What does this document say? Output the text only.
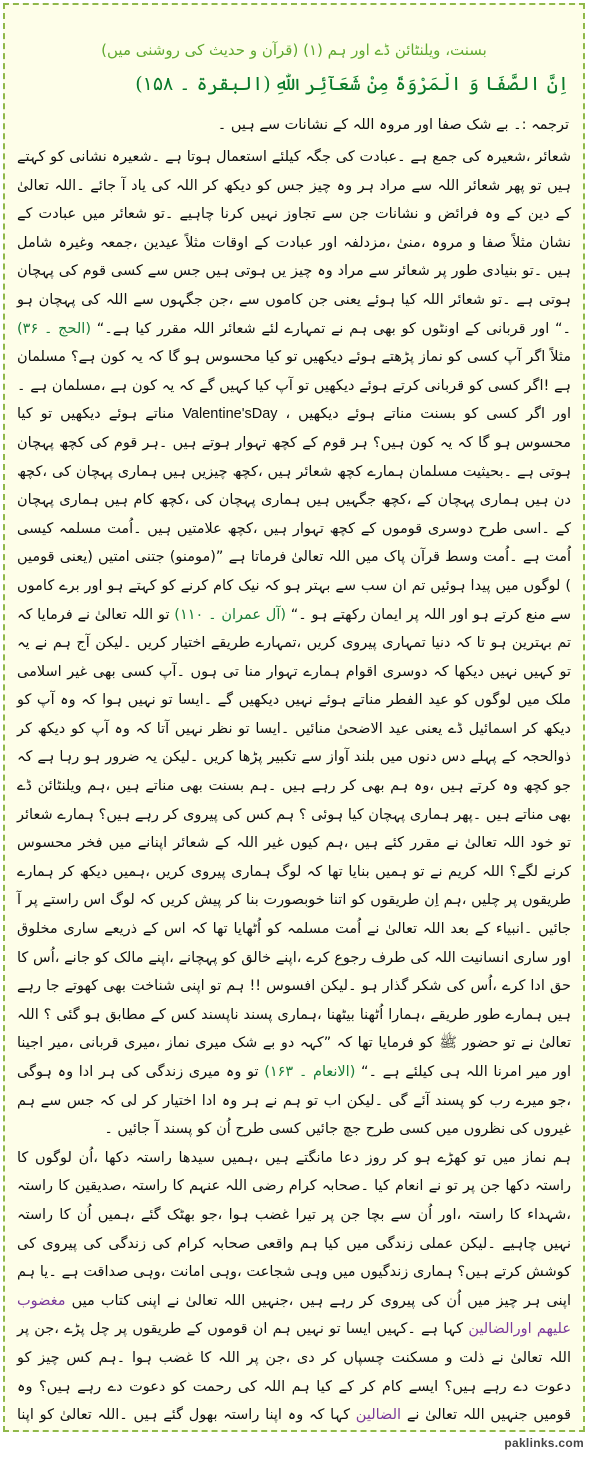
بسنت، ویلنٹائن ڈے اور ہم (۱) (قرآن و حدیث کی روشنی میں)
اِنَّ الصَّفَا وَ الْمَرْوَةَ مِنْ شَعَآئِرِ اللّٰهِ (البقرۃ ۔ ۱۵۸)
ترجمہ :۔ بے شک صفا اور مروہ اللہ کے نشانات سے ہیں ۔

شعائر ،شعیرہ کی جمع ہے ۔عبادت کی جگہ کیلئے استعمال ہوتا ہے ۔شعیرہ نشانی کو کہتے ہیں تو پھر شعائر اللہ سے مراد ہر وہ چیز جس کو دیکھ کر اللہ کی یاد آ جائے ۔اللہ تعالیٰ کے دین کے وہ فرائض و نشانات جن سے تجاوز نہیں کرنا چاہیے ۔تو شعائر میں عبادت کے نشان مثلاً صفا و مروہ ،منیٰ ،مزدلفہ اور عبادت کے اوقات مثلاً عیدین ،جمعہ وغیرہ شامل ہیں ۔تو بنیادی طور پر شعائر سے مراد وہ چیز یں ہوتی ہیں جس سے کسی قوم کی پہچان ہوتی ہے ۔تو شعائر اللہ کیا ہوئے یعنی جن کاموں سے ،جن جگہوں سے اللہ کی پہچان ہو ۔“ اور قربانی کے اونٹوں کو بھی ہم نے تمہارے لئے شعائر اللہ مقرر کیا ہے۔“ (الحج ۔ ۳۶) مثلاً اگر آپ کسی کو نماز پڑھتے ہوئے دیکھیں تو کیا محسوس ہو گا کہ یہ کون ہے؟ مسلمان ہے !اگر کسی کو قربانی کرتے ہوئے دیکھیں تو آپ کیا کہیں گے کہ یہ کون ہے ،مسلمان ہے ۔اور اگر کسی کو بسنت مناتے ہوئے دیکھیں ، Valentine'sDay مناتے ہوئے دیکھیں تو کیا محسوس ہو گا کہ یہ کون ہیں؟ ہر قوم کے کچھ تہوار ہوتے ہیں ۔ہر قوم کی کچھ پہچان ہوتی ہے ۔بحیثیت مسلمان ہمارے کچھ شعائر ہیں ،کچھ چیزیں ہیں ہماری پہچان کی ،کچھ دن ہیں ہماری پہچان کے ،کچھ جگہیں ہیں ہماری پہچان کی ،کچھ کام ہیں ہماری پہچان کے ۔اسی طرح دوسری قوموں کے کچھ تہوار ہیں ،کچھ علامتیں ہیں ۔اُمت مسلمہ کیسی اُمت ہے ۔اُمت وسط قرآن پاک میں اللہ تعالیٰ فرماتا ہے ”(مومنو) جتنی امتیں (یعنی قومیں ) لوگوں میں پیدا ہوئیں تم ان سب سے بہتر ہو کہ نیک کام کرنے کو کہتے ہو اور برے کاموں سے منع کرتے ہو اور اللہ پر ایمان رکھتے ہو ۔“ (آل عمران ۔ ۱۱۰) تو اللہ تعالیٰ نے فرمایا کہ تم بہترین ہو تا کہ دنیا تمہاری پیروی کریں ،تمہارے طریقے اختیار کریں ۔لیکن آج ہم نے یہ تو کہیں نہیں دیکھا کہ دوسری اقوام ہمارے تہوار منا تی ہوں ۔آپ کسی بھی غیر اسلامی ملک میں لوگوں کو عید الفطر مناتے ہوئے نہیں دیکھیں گے ۔ایسا تو نہیں ہوا کہ وہ آپ کو دیکھ کر اسمائیل ڈے یعنی عید الاضحیٰ منائیں ۔ایسا تو نظر نہیں آتا کہ وہ آپ کو دیکھ کر ذوالحجہ کے پہلے دس دنوں میں بلند آواز سے تکبیر پڑھا کریں ۔لیکن یہ ضرور ہو رہا ہے کہ جو کچھ وہ کرتے ہیں ،وہ ہم بھی کر رہے ہیں ۔ہم بسنت بھی مناتے ہیں ،ہم ویلنٹائن ڈے بھی مناتے ہیں ۔پھر ہماری پہچان کیا ہوئی ؟ ہم کس کی پیروی کر رہے ہیں؟ ہمارے شعائر تو خود اللہ تعالیٰ نے مقرر کئے ہیں ،ہم کیوں غیر اللہ کے شعائر اپنانے میں فخر محسوس کرنے لگے؟ اللہ کریم نے تو ہمیں بنایا تھا کہ لوگ ہماری پیروی کریں ،ہمیں دیکھ کر ہمارے طریقوں پر چلیں ،ہم اِن طریقوں کو اتنا خوبصورت بنا کر پیش کریں کہ لوگ اس راستے پر آ جائیں ۔انبیاء کے بعد اللہ تعالیٰ نے اُمت مسلمہ کو اُٹھایا تھا کہ اس کے ذریعے ساری مخلوق اور ساری انسانیت اللہ کی طرف رجوع کرے ،اپنے خالق کو پہچانے ،اپنے مالک کو جانے ،اُس کا حق ادا کرے ،اُس کی شکر گذار ہو ۔لیکن افسوس !! ہم تو اپنی شناخت بھی کھوتے جا رہے ہیں ہمارے طور طریقے ،ہمارا اُٹھنا بیٹھنا ،ہماری پسند ناپسند کس کے مطابق ہو گئی ؟ اللہ تعالیٰ نے تو حضور ﷺ کو فرمایا تھا کہ ”کہہ دو بے شک میری نماز ،میری قربانی ،میر اجینا اور میر امرنا اللہ ہی کیلئے ہے ۔“ (الانعام ۔ ۱۶۳) تو وہ میری زندگی کی ہر ادا وہ ہوگی ،جو میرے رب کو پسند آئے گی ۔لیکن اب تو ہم نے ہر وہ ادا اختیار کر لی کہ جس سے ہم غیروں کی نظروں میں کسی طرح جچ جائیں کسی طرح اُن کو پسند آ جائیں ۔

ہم نماز میں تو کھڑے ہو کر روز دعا مانگتے ہیں ،ہمیں سیدھا راستہ دکھا ،اُن لوگوں کا راستہ دکھا جن پر تو نے انعام کیا ۔صحابہ کرام رضی اللہ عنہم کا راستہ ،صدیقین کا راستہ ،شہداء کا راستہ ،اور اُن سے بچا جن پر تیرا غضب ہوا ،جو بھٹک گئے ،ہمیں اُن کا راستہ نہیں چاہیے ۔لیکن عملی زندگی میں کیا ہم واقعی صحابہ کرام کی زندگی کی پیروی کی کوشش کرتے ہیں؟ ہماری زندگیوں میں وہی شجاعت ،وہی امانت ،وہی صداقت ہے ۔یا ہم اپنی ہر چیز میں اُن کی پیروی کر رہے ہیں ،جنہیں اللہ تعالیٰ نے اپنی کتاب میں مغضوب علیھم اورالضالین کہا ہے ۔کہیں ایسا تو نہیں ہم ان قوموں کے طریقوں پر چل پڑے ،جن پر اللہ تعالیٰ نے ذلت و مسکنت چسپاں کر دی ،جن پر اللہ کا غضب ہوا ۔ہم کس چیز کو دعوت دے رہے ہیں؟ ایسے کام کر کے کیا ہم اللہ کی رحمت کو دعوت دے رہے ہیں؟ وہ قومیں جنہیں اللہ تعالیٰ نے الضالین کہا کہ وہ اپنا راستہ بھول گئے ہیں ۔اللہ تعالیٰ کو اپنا

paklinks.com
